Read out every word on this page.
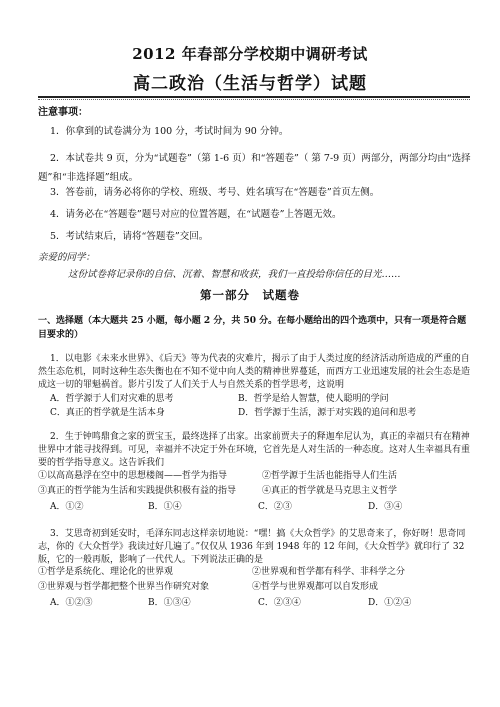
2012 年春部分学校期中调研考试
高二政治（生活与哲学）试题

注意事项：

1．你拿到的试卷满分为 100 分，考试时间为 90 分钟。

2．本试卷共 9 页，分为“试题卷”（第 1-6 页）和“答题卷”（ 第 7-9 页）两部分，两部分均由“选择题”和“非选择题”组成。

3．答卷前，请务必将你的学校、班级、考号、姓名填写在“答题卷”首页左侧。

4．请务必在“答题卷”题号对应的位置答题，在“试题卷”上答题无效。

5．考试结束后，请将“答题卷”交回。

亲爱的同学：

这份试卷将记录你的自信、沉着、智慧和收获，我们一直投给你信任的目光……

第一部分　试题卷

一、选择题（本大题共 25 小题，每小题 2 分，共 50 分。在每小题给出的四个选项中，只有一项是符合题目要求的）

1．以电影《未来水世界》、《后天》等为代表的灾难片，揭示了由于人类过度的经济活动所造成的严重的自然生态危机，同时这种生态失衡也在不知不觉中向人类的精神世界蔓延，而西方工业迅速发展的社会生态是造成这一切的罪魁祸首。影片引发了人们关于人与自然关系的哲学思考，这说明

A．哲学源于人们对灾难的思考	B．哲学是给人智慧，使人聪明的学问
C．真正的哲学就是生活本身	D．哲学源于生活，源于对实践的追问和思考

2．生于钟鸣鼎食之家的贾宝玉，最终选择了出家。出家前贾夫子的释迦牟尼认为，真正的幸福只有在精神世界中才能寻找得到。可见，幸福并不决定于外在环境，它首先是人对生活的一种态度。这对人生幸福具有重要的哲学指导意义。这告诉我们

①以高高悬浮在空中的思想楼阁——哲学为指导	②哲学源于生活也能指导人们生活
③真正的哲学能为生活和实践提供积极有益的指导	④真正的哲学就是马克思主义哲学
A．①②	B．①④	C．②③	D．③④

3．艾思奇初到延安时，毛泽东同志这样亲切地说：“嘿！搞《大众哲学》的艾思奇来了，你好呀！思奇同志，你的《大众哲学》我读过好几遍了。”仅仅从 1936 年到 1948 年的 12 年间，《大众哲学》就印行了 32 版，它的一般再版，影响了一代代人。下列说法正确的是

①哲学是系统化、理论化的世界观	②世界观和哲学都有科学、非科学之分
③世界观与哲学都把整个世界当作研究对象	④哲学与世界观都可以自发形成
A．①②③	B．①③④	C．②③④	D．①②④
